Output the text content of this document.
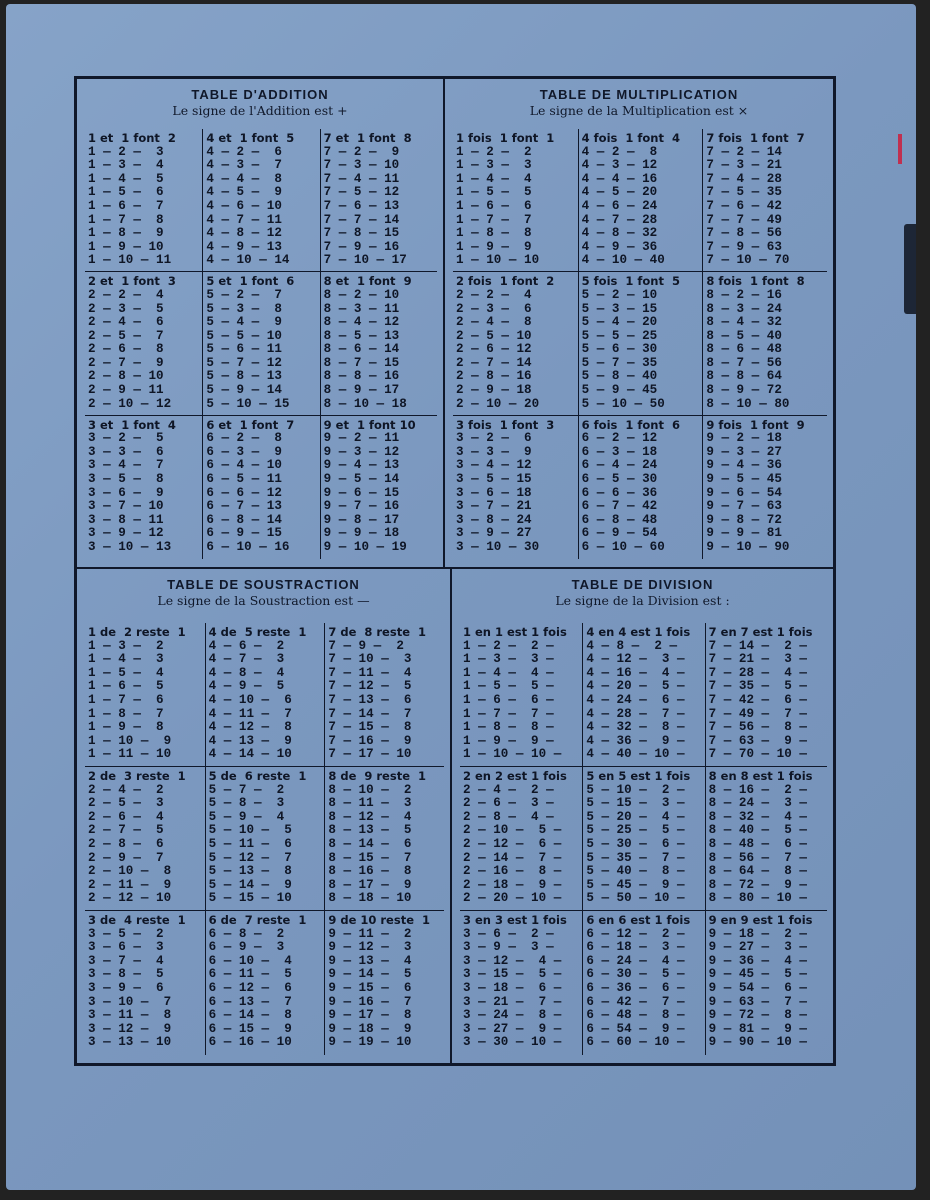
TABLE D'ADDITION
Le signe de l'Addition est +
1 et  1 font  2
1 — 2 —  3
1 — 3 —  4
1 — 4 —  5
1 — 5 —  6
1 — 6 —  7
1 — 7 —  8
1 — 8 —  9
1 — 9 — 10
1 — 10 — 11
4 et  1 font  5
4 — 2 —  6
4 — 3 —  7
4 — 4 —  8
4 — 5 —  9
4 — 6 — 10
4 — 7 — 11
4 — 8 — 12
4 — 9 — 13
4 — 10 — 14
7 et  1 font  8
7 — 2 —  9
7 — 3 — 10
7 — 4 — 11
7 — 5 — 12
7 — 6 — 13
7 — 7 — 14
7 — 8 — 15
7 — 9 — 16
7 — 10 — 17
2 et  1 font  3
2 — 2 —  4
2 — 3 —  5
2 — 4 —  6
2 — 5 —  7
2 — 6 —  8
2 — 7 —  9
2 — 8 — 10
2 — 9 — 11
2 — 10 — 12
5 et  1 font  6
5 — 2 —  7
5 — 3 —  8
5 — 4 —  9
5 — 5 — 10
5 — 6 — 11
5 — 7 — 12
5 — 8 — 13
5 — 9 — 14
5 — 10 — 15
8 et  1 font  9
8 — 2 — 10
8 — 3 — 11
8 — 4 — 12
8 — 5 — 13
8 — 6 — 14
8 — 7 — 15
8 — 8 — 16
8 — 9 — 17
8 — 10 — 18
3 et  1 font  4
3 — 2 —  5
3 — 3 —  6
3 — 4 —  7
3 — 5 —  8
3 — 6 —  9
3 — 7 — 10
3 — 8 — 11
3 — 9 — 12
3 — 10 — 13
6 et  1 font  7
6 — 2 —  8
6 — 3 —  9
6 — 4 — 10
6 — 5 — 11
6 — 6 — 12
6 — 7 — 13
6 — 8 — 14
6 — 9 — 15
6 — 10 — 16
9 et  1 font 10
9 — 2 — 11
9 — 3 — 12
9 — 4 — 13
9 — 5 — 14
9 — 6 — 15
9 — 7 — 16
9 — 8 — 17
9 — 9 — 18
9 — 10 — 19
TABLE DE MULTIPLICATION
Le signe de la Multiplication est ×
1 fois  1 font  1
1 — 2 —  2
1 — 3 —  3
1 — 4 —  4
1 — 5 —  5
1 — 6 —  6
1 — 7 —  7
1 — 8 —  8
1 — 9 —  9
1 — 10 — 10
4 fois  1 font  4
4 — 2 —  8
4 — 3 — 12
4 — 4 — 16
4 — 5 — 20
4 — 6 — 24
4 — 7 — 28
4 — 8 — 32
4 — 9 — 36
4 — 10 — 40
7 fois  1 font  7
7 — 2 — 14
7 — 3 — 21
7 — 4 — 28
7 — 5 — 35
7 — 6 — 42
7 — 7 — 49
7 — 8 — 56
7 — 9 — 63
7 — 10 — 70
2 fois  1 font  2
2 — 2 —  4
2 — 3 —  6
2 — 4 —  8
2 — 5 — 10
2 — 6 — 12
2 — 7 — 14
2 — 8 — 16
2 — 9 — 18
2 — 10 — 20
5 fois  1 font  5
5 — 2 — 10
5 — 3 — 15
5 — 4 — 20
5 — 5 — 25
5 — 6 — 30
5 — 7 — 35
5 — 8 — 40
5 — 9 — 45
5 — 10 — 50
8 fois  1 font  8
8 — 2 — 16
8 — 3 — 24
8 — 4 — 32
8 — 5 — 40
8 — 6 — 48
8 — 7 — 56
8 — 8 — 64
8 — 9 — 72
8 — 10 — 80
3 fois  1 font  3
3 — 2 —  6
3 — 3 —  9
3 — 4 — 12
3 — 5 — 15
3 — 6 — 18
3 — 7 — 21
3 — 8 — 24
3 — 9 — 27
3 — 10 — 30
6 fois  1 font  6
6 — 2 — 12
6 — 3 — 18
6 — 4 — 24
6 — 5 — 30
6 — 6 — 36
6 — 7 — 42
6 — 8 — 48
6 — 9 — 54
6 — 10 — 60
9 fois  1 font  9
9 — 2 — 18
9 — 3 — 27
9 — 4 — 36
9 — 5 — 45
9 — 6 — 54
9 — 7 — 63
9 — 8 — 72
9 — 9 — 81
9 — 10 — 90
TABLE DE SOUSTRACTION
Le signe de la Soustraction est —
1 de  2 reste  1
1 — 3 —  2
1 — 4 —  3
1 — 5 —  4
1 — 6 —  5
1 — 7 —  6
1 — 8 —  7
1 — 9 —  8
1 — 10 —  9
1 — 11 — 10
4 de  5 reste  1
4 — 6 —  2
4 — 7 —  3
4 — 8 —  4
4 — 9 —  5
4 — 10 —  6
4 — 11 —  7
4 — 12 —  8
4 — 13 —  9
4 — 14 — 10
7 de  8 reste  1
7 — 9 —  2
7 — 10 —  3
7 — 11 —  4
7 — 12 —  5
7 — 13 —  6
7 — 14 —  7
7 — 15 —  8
7 — 16 —  9
7 — 17 — 10
2 de  3 reste  1
2 — 4 —  2
2 — 5 —  3
2 — 6 —  4
2 — 7 —  5
2 — 8 —  6
2 — 9 —  7
2 — 10 —  8
2 — 11 —  9
2 — 12 — 10
5 de  6 reste  1
5 — 7 —  2
5 — 8 —  3
5 — 9 —  4
5 — 10 —  5
5 — 11 —  6
5 — 12 —  7
5 — 13 —  8
5 — 14 —  9
5 — 15 — 10
8 de  9 reste  1
8 — 10 —  2
8 — 11 —  3
8 — 12 —  4
8 — 13 —  5
8 — 14 —  6
8 — 15 —  7
8 — 16 —  8
8 — 17 —  9
8 — 18 — 10
3 de  4 reste  1
3 — 5 —  2
3 — 6 —  3
3 — 7 —  4
3 — 8 —  5
3 — 9 —  6
3 — 10 —  7
3 — 11 —  8
3 — 12 —  9
3 — 13 — 10
6 de  7 reste  1
6 — 8 —  2
6 — 9 —  3
6 — 10 —  4
6 — 11 —  5
6 — 12 —  6
6 — 13 —  7
6 — 14 —  8
6 — 15 —  9
6 — 16 — 10
9 de 10 reste  1
9 — 11 —  2
9 — 12 —  3
9 — 13 —  4
9 — 14 —  5
9 — 15 —  6
9 — 16 —  7
9 — 17 —  8
9 — 18 —  9
9 — 19 — 10
TABLE DE DIVISION
Le signe de la Division est :
1 en 1 est 1 fois
1 — 2 —  2 —
1 — 3 —  3 —
1 — 4 —  4 —
1 — 5 —  5 —
1 — 6 —  6 —
1 — 7 —  7 —
1 — 8 —  8 —
1 — 9 —  9 —
1 — 10 — 10 —
4 en 4 est 1 fois
4 — 8 —  2 —
4 — 12 —  3 —
4 — 16 —  4 —
4 — 20 —  5 —
4 — 24 —  6 —
4 — 28 —  7 —
4 — 32 —  8 —
4 — 36 —  9 —
4 — 40 — 10 —
7 en 7 est 1 fois
7 — 14 —  2 —
7 — 21 —  3 —
7 — 28 —  4 —
7 — 35 —  5 —
7 — 42 —  6 —
7 — 49 —  7 —
7 — 56 —  8 —
7 — 63 —  9 —
7 — 70 — 10 —
2 en 2 est 1 fois
2 — 4 —  2 —
2 — 6 —  3 —
2 — 8 —  4 —
2 — 10 —  5 —
2 — 12 —  6 —
2 — 14 —  7 —
2 — 16 —  8 —
2 — 18 —  9 —
2 — 20 — 10 —
5 en 5 est 1 fois
5 — 10 —  2 —
5 — 15 —  3 —
5 — 20 —  4 —
5 — 25 —  5 —
5 — 30 —  6 —
5 — 35 —  7 —
5 — 40 —  8 —
5 — 45 —  9 —
5 — 50 — 10 —
8 en 8 est 1 fois
8 — 16 —  2 —
8 — 24 —  3 —
8 — 32 —  4 —
8 — 40 —  5 —
8 — 48 —  6 —
8 — 56 —  7 —
8 — 64 —  8 —
8 — 72 —  9 —
8 — 80 — 10 —
3 en 3 est 1 fois
3 — 6 —  2 —
3 — 9 —  3 —
3 — 12 —  4 —
3 — 15 —  5 —
3 — 18 —  6 —
3 — 21 —  7 —
3 — 24 —  8 —
3 — 27 —  9 —
3 — 30 — 10 —
6 en 6 est 1 fois
6 — 12 —  2 —
6 — 18 —  3 —
6 — 24 —  4 —
6 — 30 —  5 —
6 — 36 —  6 —
6 — 42 —  7 —
6 — 48 —  8 —
6 — 54 —  9 —
6 — 60 — 10 —
9 en 9 est 1 fois
9 — 18 —  2 —
9 — 27 —  3 —
9 — 36 —  4 —
9 — 45 —  5 —
9 — 54 —  6 —
9 — 63 —  7 —
9 — 72 —  8 —
9 — 81 —  9 —
9 — 90 — 10 —
